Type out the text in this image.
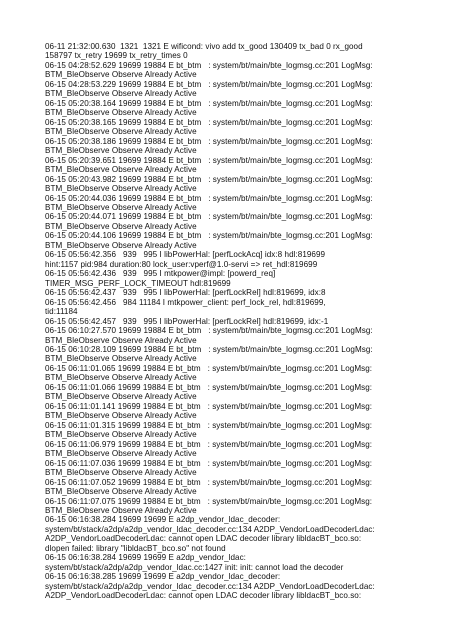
06-11 21:32:00.630  1321  1321 E wificond: vivo add tx_good 130409 tx_bad 0 rx_good
158797 tx_retry 19699 tx_retry_times 0
06-15 04:28:52.629 19699 19884 E bt_btm   : system/bt/main/bte_logmsg.cc:201 LogMsg:
BTM_BleObserve Observe Already Active
06-15 04:28:53.229 19699 19884 E bt_btm   : system/bt/main/bte_logmsg.cc:201 LogMsg:
BTM_BleObserve Observe Already Active
06-15 05:20:38.164 19699 19884 E bt_btm   : system/bt/main/bte_logmsg.cc:201 LogMsg:
BTM_BleObserve Observe Already Active
06-15 05:20:38.165 19699 19884 E bt_btm   : system/bt/main/bte_logmsg.cc:201 LogMsg:
BTM_BleObserve Observe Already Active
06-15 05:20:38.186 19699 19884 E bt_btm   : system/bt/main/bte_logmsg.cc:201 LogMsg:
BTM_BleObserve Observe Already Active
06-15 05:20:39.651 19699 19884 E bt_btm   : system/bt/main/bte_logmsg.cc:201 LogMsg:
BTM_BleObserve Observe Already Active
06-15 05:20:43.982 19699 19884 E bt_btm   : system/bt/main/bte_logmsg.cc:201 LogMsg:
BTM_BleObserve Observe Already Active
06-15 05:20:44.036 19699 19884 E bt_btm   : system/bt/main/bte_logmsg.cc:201 LogMsg:
BTM_BleObserve Observe Already Active
06-15 05:20:44.071 19699 19884 E bt_btm   : system/bt/main/bte_logmsg.cc:201 LogMsg:
BTM_BleObserve Observe Already Active
06-15 05:20:44.106 19699 19884 E bt_btm   : system/bt/main/bte_logmsg.cc:201 LogMsg:
BTM_BleObserve Observe Already Active
06-15 05:56:42.356   939   995 I libPowerHal: [perfLockAcq] idx:8 hdl:819699
hint:1157 pid:984 duration:80 lock_user:vperf@1.0-servi => ret_hdl:819699
06-15 05:56:42.436   939   995 I mtkpower@impl: [powerd_req]
TIMER_MSG_PERF_LOCK_TIMEOUT hdl:819699
06-15 05:56:42.437   939   995 I libPowerHal: [perfLockRel] hdl:819699, idx:8
06-15 05:56:42.456   984 11184 I mtkpower_client: perf_lock_rel, hdl:819699,
tid:11184
06-15 05:56:42.457   939   995 I libPowerHal: [perfLockRel] hdl:819699, idx:-1
06-15 06:10:27.570 19699 19884 E bt_btm   : system/bt/main/bte_logmsg.cc:201 LogMsg:
BTM_BleObserve Observe Already Active
06-15 06:10:28.109 19699 19884 E bt_btm   : system/bt/main/bte_logmsg.cc:201 LogMsg:
BTM_BleObserve Observe Already Active
06-15 06:11:01.065 19699 19884 E bt_btm   : system/bt/main/bte_logmsg.cc:201 LogMsg:
BTM_BleObserve Observe Already Active
06-15 06:11:01.066 19699 19884 E bt_btm   : system/bt/main/bte_logmsg.cc:201 LogMsg:
BTM_BleObserve Observe Already Active
06-15 06:11:01.141 19699 19884 E bt_btm   : system/bt/main/bte_logmsg.cc:201 LogMsg:
BTM_BleObserve Observe Already Active
06-15 06:11:01.315 19699 19884 E bt_btm   : system/bt/main/bte_logmsg.cc:201 LogMsg:
BTM_BleObserve Observe Already Active
06-15 06:11:06.979 19699 19884 E bt_btm   : system/bt/main/bte_logmsg.cc:201 LogMsg:
BTM_BleObserve Observe Already Active
06-15 06:11:07.036 19699 19884 E bt_btm   : system/bt/main/bte_logmsg.cc:201 LogMsg:
BTM_BleObserve Observe Already Active
06-15 06:11:07.052 19699 19884 E bt_btm   : system/bt/main/bte_logmsg.cc:201 LogMsg:
BTM_BleObserve Observe Already Active
06-15 06:11:07.075 19699 19884 E bt_btm   : system/bt/main/bte_logmsg.cc:201 LogMsg:
BTM_BleObserve Observe Already Active
06-15 06:16:38.284 19699 19699 E a2dp_vendor_ldac_decoder:
system/bt/stack/a2dp/a2dp_vendor_ldac_decoder.cc:134 A2DP_VendorLoadDecoderLdac:
A2DP_VendorLoadDecoderLdac: cannot open LDAC decoder library libldacBT_bco.so:
dlopen failed: library "libldacBT_bco.so" not found
06-15 06:16:38.284 19699 19699 E a2dp_vendor_ldac:
system/bt/stack/a2dp/a2dp_vendor_ldac.cc:1427 init: init: cannot load the decoder
06-15 06:16:38.285 19699 19699 E a2dp_vendor_ldac_decoder:
system/bt/stack/a2dp/a2dp_vendor_ldac_decoder.cc:134 A2DP_VendorLoadDecoderLdac:
A2DP_VendorLoadDecoderLdac: cannot open LDAC decoder library libldacBT_bco.so:
